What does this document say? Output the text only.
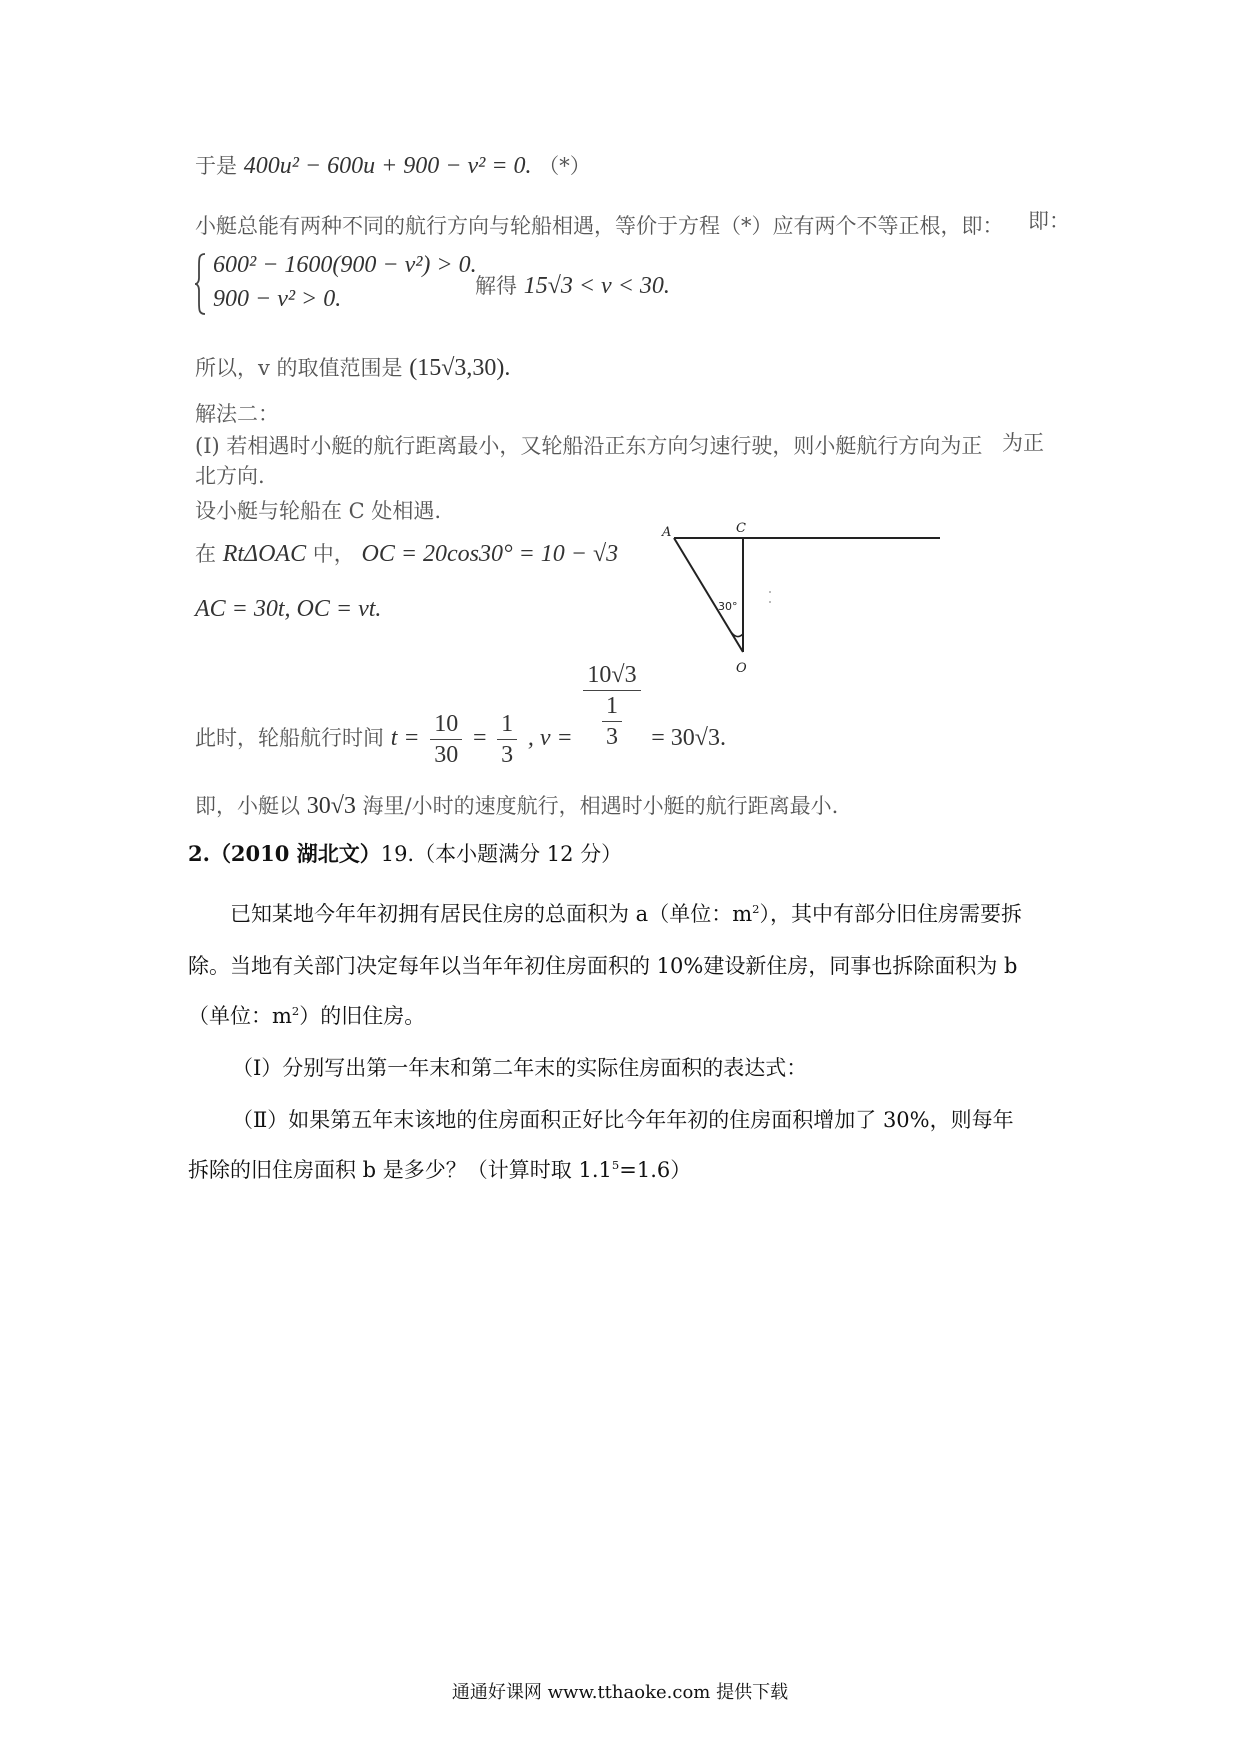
于是 400u² − 600u + 900 − v² = 0. （*）
小艇总能有两种不同的航行方向与轮船相遇，等价于方程（*）应有两个不等正根，即： 即：
600² − 1600(900 − v²) > 0.
900 − v² > 0.	解得 15√3 < v < 30.
所以，v 的取值范围是 (15√3,30).
解法二：
(I) 若相遇时小艇的航行距离最小，又轮船沿正东方向匀速行驶，则小艇航行方向为正 为正
北方向.
设小艇与轮船在 C 处相遇.
在 RtΔOAC 中， OC = 20cos30° = 10 − √3
AC = 30t, OC = vt.
此时，轮船航行时间 $t = \frac{10}{30} = \frac{1}{3}$ , $v = \frac{10√3}{\frac{1}{3}} = 30√3$.
即，小艇以 30√3 海里/小时的速度航行，相遇时小艇的航行距离最小.
A	C
O
30°
2.（2010 湖北文）19.（本小题满分 12 分）
已知某地今年年初拥有居民住房的总面积为 a（单位：$m^2$），其中有部分旧住房需要拆
除。当地有关部门决定每年以当年年初住房面积的 10%建设新住房，同事也拆除面积为 b
（单位：$m^2$）的旧住房。
（Ⅰ）分别写出第一年末和第二年末的实际住房面积的表达式：
（Ⅱ）如果第五年末该地的住房面积正好比今年年初的住房面积增加了 30%，则每年
拆除的旧住房面积 b 是多少？（计算时取 $1.1^5=1.6$）
通通好课网 www.tthaoke.com 提供下载
